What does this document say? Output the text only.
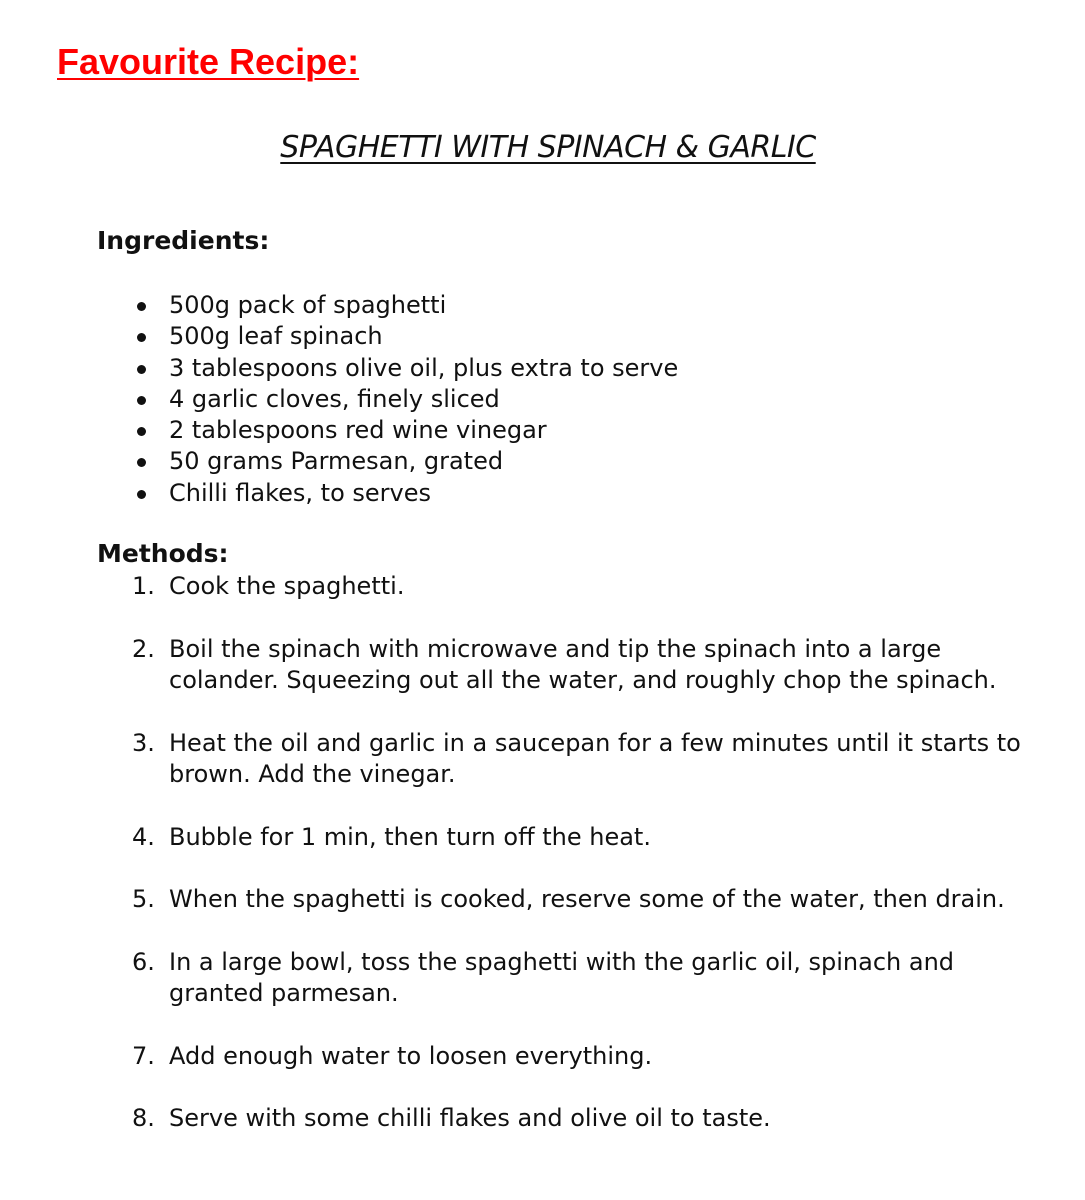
Favourite Recipe:
SPAGHETTI WITH SPINACH & GARLIC
Ingredients:
500g pack of spaghetti
500g leaf spinach
3 tablespoons olive oil, plus extra to serve
4 garlic cloves, finely sliced
2 tablespoons red wine vinegar
50 grams Parmesan, grated
Chilli flakes, to serves
Methods:
1. Cook the spaghetti.
2. Boil the spinach with microwave and tip the spinach into a large colander. Squeezing out all the water, and roughly chop the spinach.
3. Heat the oil and garlic in a saucepan for a few minutes until it starts to brown. Add the vinegar.
4. Bubble for 1 min, then turn off the heat.
5. When the spaghetti is cooked, reserve some of the water, then drain.
6. In a large bowl, toss the spaghetti with the garlic oil, spinach and granted parmesan.
7. Add enough water to loosen everything.
8. Serve with some chilli flakes and olive oil to taste.
